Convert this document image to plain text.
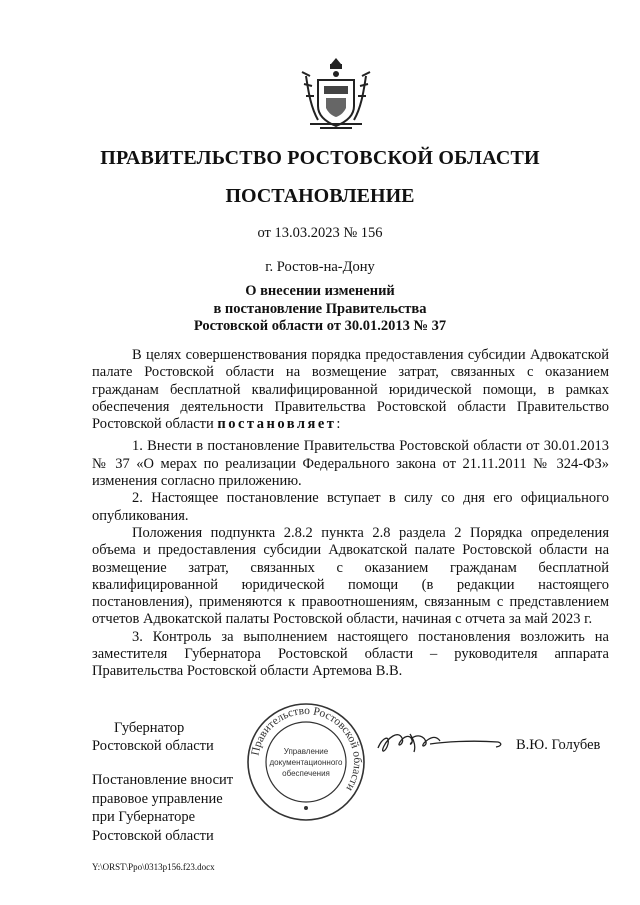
ПРАВИТЕЛЬСТВО РОСТОВСКОЙ ОБЛАСТИ
ПОСТАНОВЛЕНИЕ
от 13.03.2023 № 156
г. Ростов-на-Дону
О внесении изменений
в постановление Правительства
Ростовской области от 30.01.2013 № 37

В целях совершенствования порядка предоставления субсидии Адвокатской палате Ростовской области на возмещение затрат, связанных с оказанием гражданам бесплатной квалифицированной юридической помощи, в рамках обеспечения деятельности Правительства Ростовской области Правительство Ростовской области постановляет:

1. Внести в постановление Правительства Ростовской области от 30.01.2013 № 37 «О мерах по реализации Федерального закона от 21.11.2011 № 324-ФЗ» изменения согласно приложению.

2. Настоящее постановление вступает в силу со дня его официального опубликования.

Положения подпункта 2.8.2 пункта 2.8 раздела 2 Порядка определения объема и предоставления субсидии Адвокатской палате Ростовской области на возмещение затрат, связанных с оказанием гражданам бесплатной квалифицированной юридической помощи (в редакции настоящего постановления), применяются к правоотношениям, связанным с представлением отчетов Адвокатской палаты Ростовской области, начиная с отчета за май 2023 г.

3. Контроль за выполнением настоящего постановления возложить на заместителя Губернатора Ростовской области – руководителя аппарата Правительства Ростовской области Артемова В.В.

Губернатор
Ростовской области	Правительство Ростовской области
Управление
документационного
обеспечения
В.Ю. Голубев
Постановление вносит
правовое управление
при Губернаторе
Ростовской области
Y:\ORST\Ppo\0313p156.f23.docx
